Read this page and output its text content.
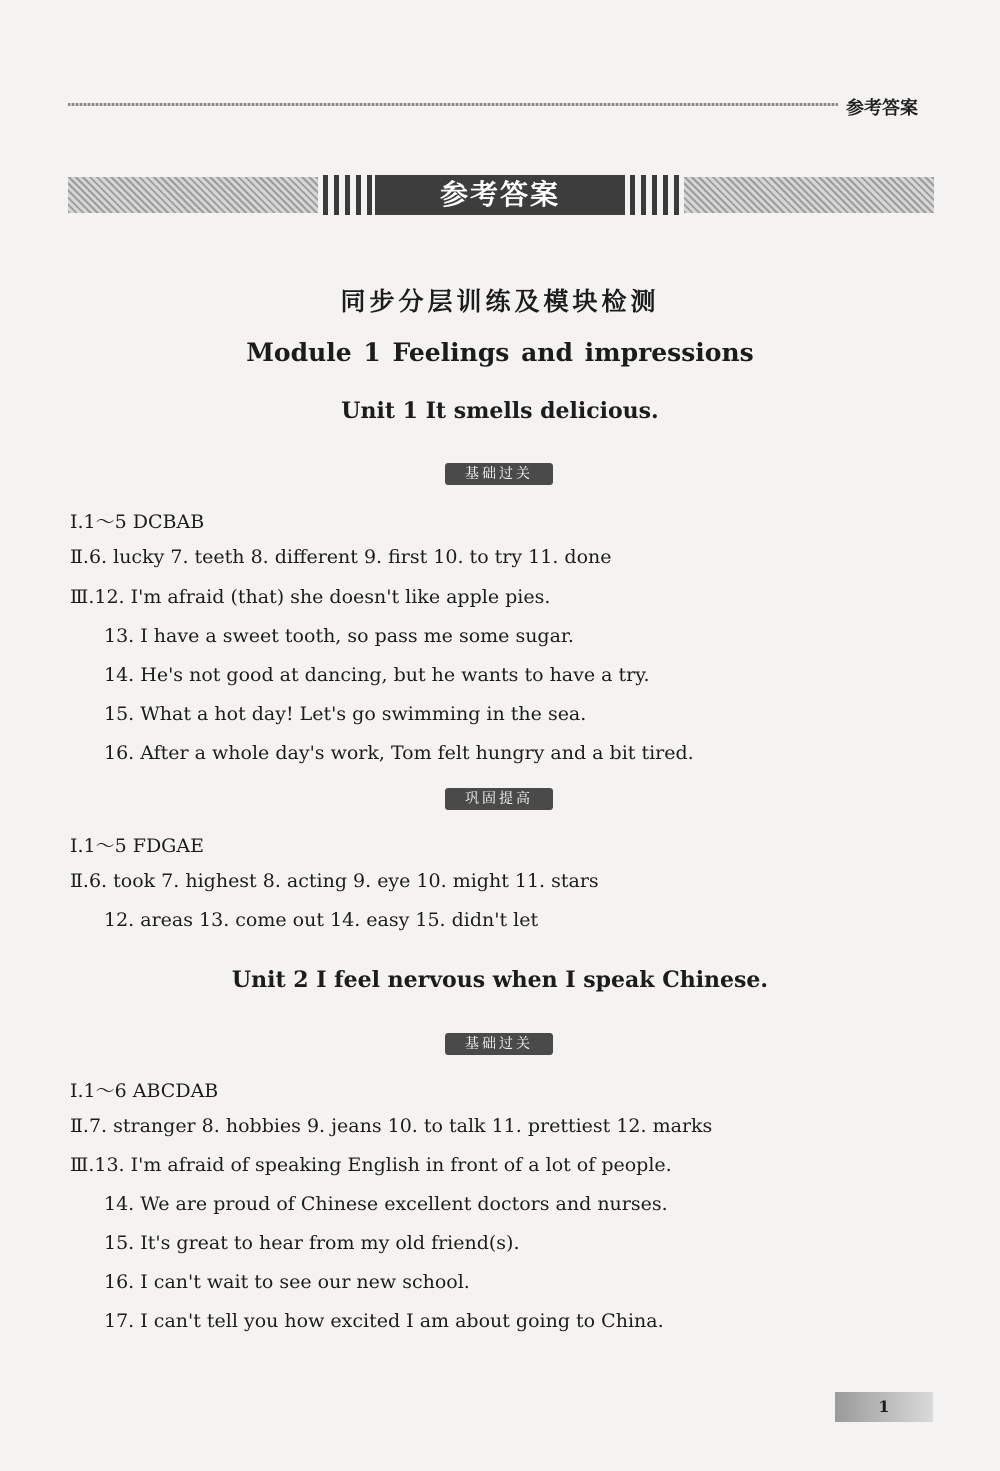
参考答案
参考答案
同步分层训练及模块检测
Module 1 Feelings and impressions
Unit 1 It smells delicious.
基础过关
Ⅰ.1～5 DCBAB
Ⅱ.6. lucky 7. teeth 8. different 9. first 10. to try 11. done
Ⅲ.12. I'm afraid (that) she doesn't like apple pies.
13. I have a sweet tooth, so pass me some sugar.
14. He's not good at dancing, but he wants to have a try.
15. What a hot day! Let's go swimming in the sea.
16. After a whole day's work, Tom felt hungry and a bit tired.
巩固提高
Ⅰ.1～5 FDGAE
Ⅱ.6. took 7. highest 8. acting 9. eye 10. might 11. stars
12. areas 13. come out 14. easy 15. didn't let
Unit 2 I feel nervous when I speak Chinese.
基础过关
Ⅰ.1～6 ABCDAB
Ⅱ.7. stranger 8. hobbies 9. jeans 10. to talk 11. prettiest 12. marks
Ⅲ.13. I'm afraid of speaking English in front of a lot of people.
14. We are proud of Chinese excellent doctors and nurses.
15. It's great to hear from my old friend(s).
16. I can't wait to see our new school.
17. I can't tell you how excited I am about going to China.
1
